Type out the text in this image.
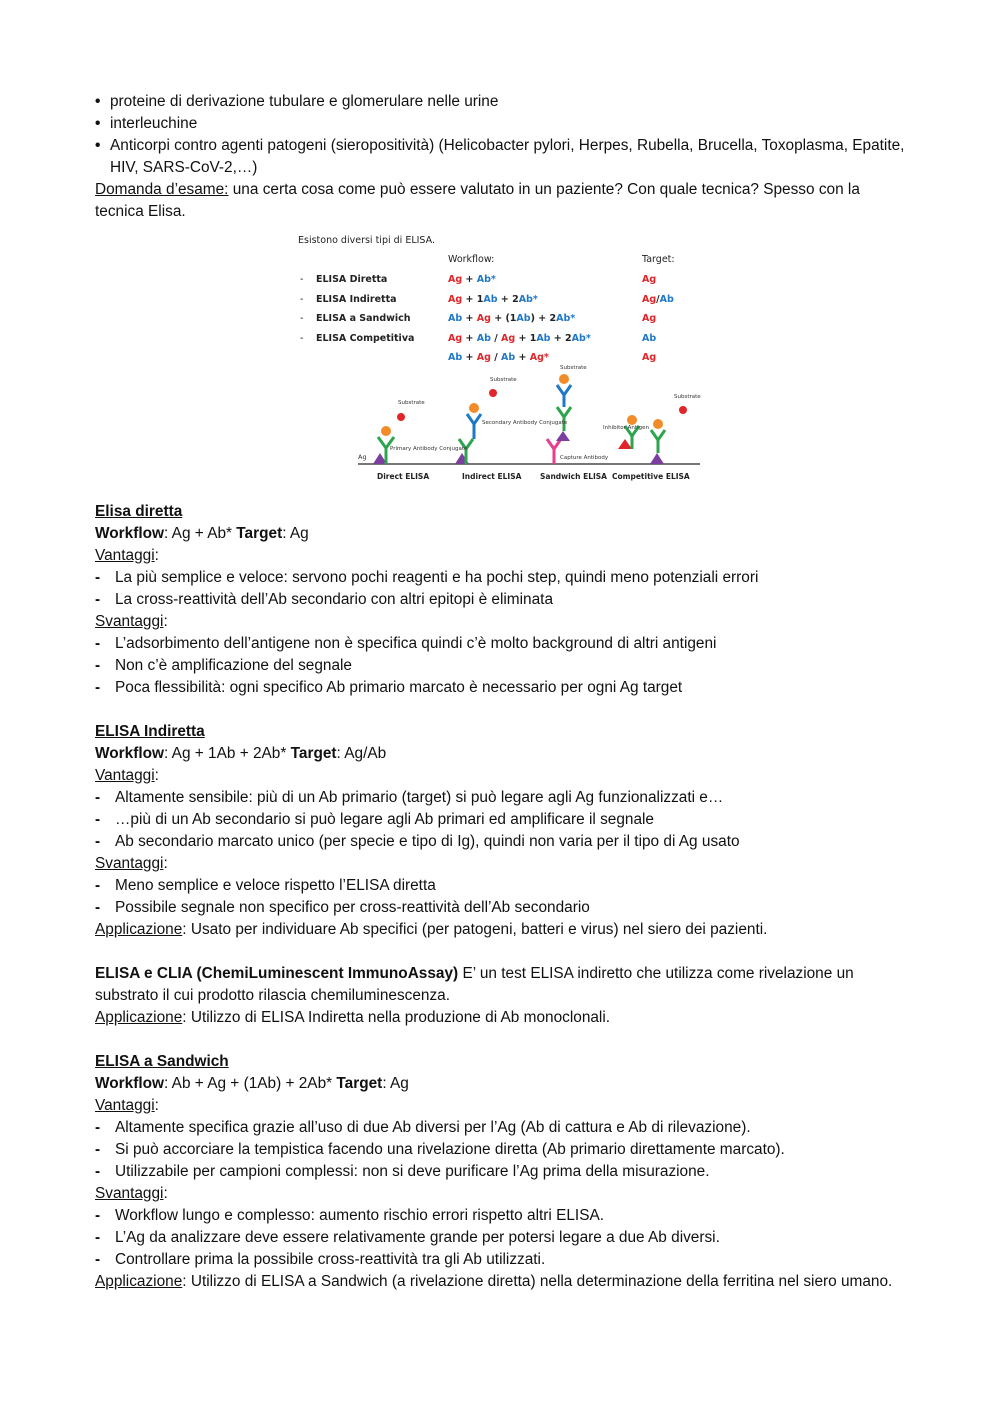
• proteine di derivazione tubulare e glomerulare nelle urine
• interleuchine
• Anticorpi contro agenti patogeni (sieropositività) (Helicobacter pylori, Herpes, Rubella, Brucella, Toxoplasma, Epatite, HIV, SARS-CoV-2,…)
Domanda d’esame: una certa cosa come può essere valutato in un paziente? Con quale tecnica? Spesso con la tecnica Elisa.
Esistono diversi tipi di ELISA.
Workflow:	Target:
- ELISA Diretta	Ag + Ab*	Ag
- ELISA Indiretta	Ag + 1Ab + 2Ab*	Ag/Ab
- ELISA a Sandwich	Ab + Ag + (1Ab) + 2Ab*	Ag
- ELISA Competitiva	Ag + Ab / Ag + 1Ab + 2Ab*	Ab
Ab + Ag / Ab + Ag*	Ag
Ag
Substrate
Primary Antibody Conjugate
Substrate
Secondary Antibody Conjugate
Substrate
Capture Antibody
Inhibitor Antigen
Substrate
Direct ELISA	Indirect ELISA Sandwich ELISA Competitive ELISA
Elisa diretta
Workflow: Ag + Ab* Target: Ag
Vantaggi:
- La più semplice e veloce: servono pochi reagenti e ha pochi step, quindi meno potenziali errori
- La cross-reattività dell’Ab secondario con altri epitopi è eliminata
Svantaggi:
- L’adsorbimento dell’antigene non è specifica quindi c’è molto background di altri antigeni
- Non c’è amplificazione del segnale
- Poca flessibilità: ogni specifico Ab primario marcato è necessario per ogni Ag target
ELISA Indiretta
Workflow: Ag + 1Ab + 2Ab* Target: Ag/Ab
Vantaggi:
- Altamente sensibile: più di un Ab primario (target) si può legare agli Ag funzionalizzati e…
- …più di un Ab secondario si può legare agli Ab primari ed amplificare il segnale
- Ab secondario marcato unico (per specie e tipo di Ig), quindi non varia per il tipo di Ag usato
Svantaggi:
- Meno semplice e veloce rispetto l’ELISA diretta
- Possibile segnale non specifico per cross-reattività dell’Ab secondario
Applicazione: Usato per individuare Ab specifici (per patogeni, batteri e virus) nel siero dei pazienti.
ELISA e CLIA (ChemiLuminescent ImmunoAssay) E’ un test ELISA indiretto che utilizza come rivelazione un substrato il cui prodotto rilascia chemiluminescenza.
Applicazione: Utilizzo di ELISA Indiretta nella produzione di Ab monoclonali.
ELISA a Sandwich
Workflow: Ab + Ag + (1Ab) + 2Ab* Target: Ag
Vantaggi:
- Altamente specifica grazie all’uso di due Ab diversi per l’Ag (Ab di cattura e Ab di rilevazione).
- Si può accorciare la tempistica facendo una rivelazione diretta (Ab primario direttamente marcato).
- Utilizzabile per campioni complessi: non si deve purificare l’Ag prima della misurazione.
Svantaggi:
- Workflow lungo e complesso: aumento rischio errori rispetto altri ELISA.
- L’Ag da analizzare deve essere relativamente grande per potersi legare a due Ab diversi.
- Controllare prima la possibile cross-reattività tra gli Ab utilizzati.
Applicazione: Utilizzo di ELISA a Sandwich (a rivelazione diretta) nella determinazione della ferritina nel siero umano.
